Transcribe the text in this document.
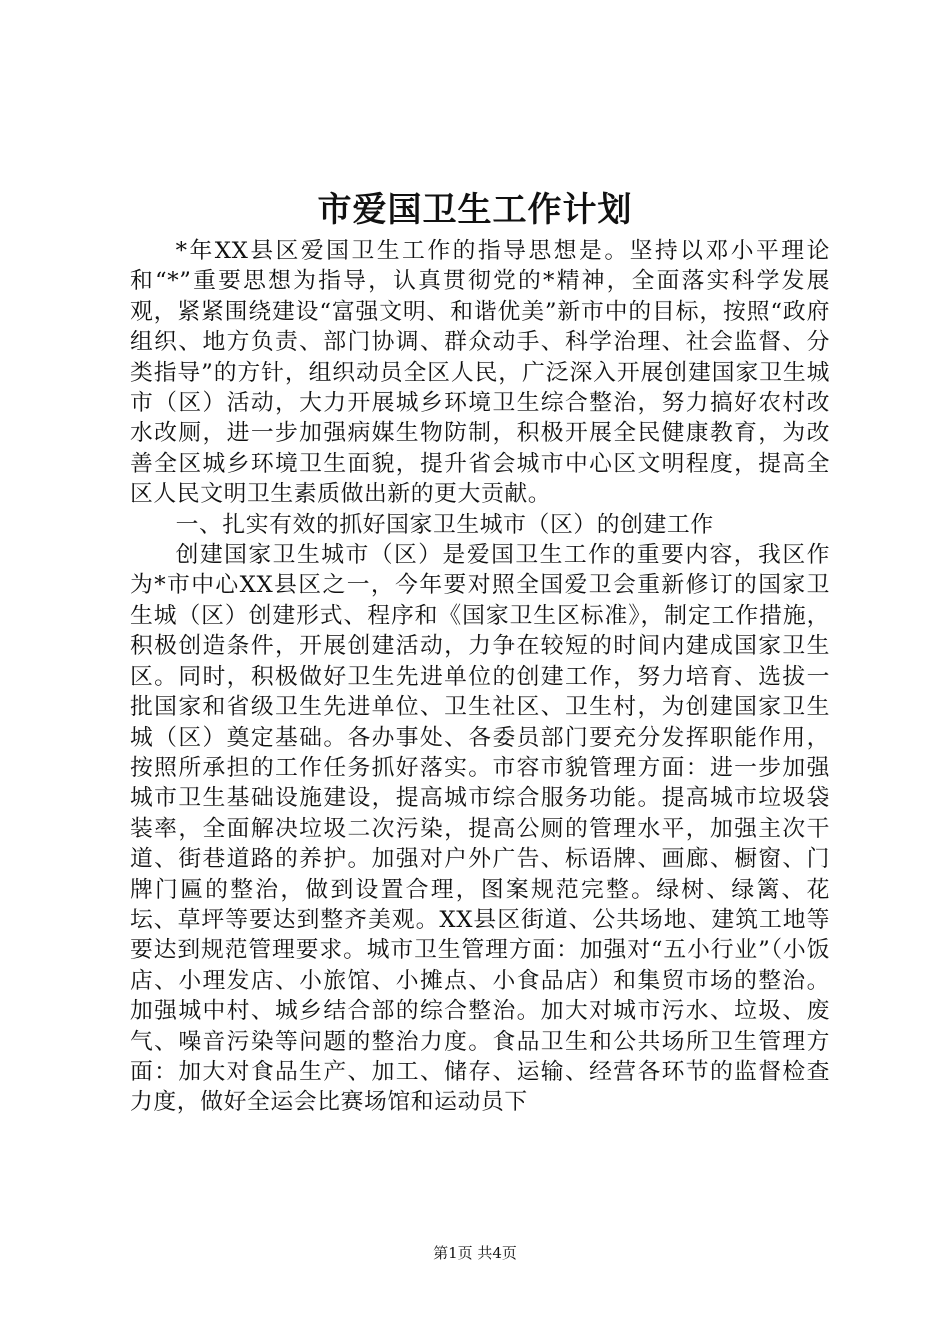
市爱国卫生工作计划

*年XX县区爱国卫生工作的指导思想是。坚持以邓小平理论和“*”重要思想为指导，认真贯彻党的*精神，全面落实科学发展观，紧紧围绕建设“富强文明、和谐优美”新市中的目标，按照“政府组织、地方负责、部门协调、群众动手、科学治理、社会监督、分类指导”的方针，组织动员全区人民，广泛深入开展创建国家卫生城市（区）活动，大力开展城乡环境卫生综合整治，努力搞好农村改水改厕，进一步加强病媒生物防制，积极开展全民健康教育，为改善全区城乡环境卫生面貌，提升省会城市中心区文明程度，提高全区人民文明卫生素质做出新的更大贡献。

一、扎实有效的抓好国家卫生城市（区）的创建工作

创建国家卫生城市（区）是爱国卫生工作的重要内容，我区作为*市中心XX县区之一，今年要对照全国爱卫会重新修订的国家卫生城（区）创建形式、程序和《国家卫生区标准》，制定工作措施，积极创造条件，开展创建活动，力争在较短的时间内建成国家卫生区。同时，积极做好卫生先进单位的创建工作，努力培育、选拔一批国家和省级卫生先进单位、卫生社区、卫生村，为创建国家卫生城（区）奠定基础。各办事处、各委员部门要充分发挥职能作用，按照所承担的工作任务抓好落实。市容市貌管理方面：进一步加强城市卫生基础设施建设，提高城市综合服务功能。提高城市垃圾袋装率，全面解决垃圾二次污染，提高公厕的管理水平，加强主次干道、街巷道路的养护。加强对户外广告、标语牌、画廊、橱窗、门牌门匾的整治，做到设置合理，图案规范完整。绿树、绿篱、花坛、草坪等要达到整齐美观。XX县区街道、公共场地、建筑工地等要达到规范管理要求。城市卫生管理方面：加强对“五小行业”（小饭店、小理发店、小旅馆、小摊点、小食品店）和集贸市场的整治。加强城中村、城乡结合部的综合整治。加大对城市污水、垃圾、废气、噪音污染等问题的整治力度。食品卫生和公共场所卫生管理方面：加大对食品生产、加工、储存、运输、经营各环节的监督检查力度，做好全运会比赛场馆和运动员下

第1页 共4页
